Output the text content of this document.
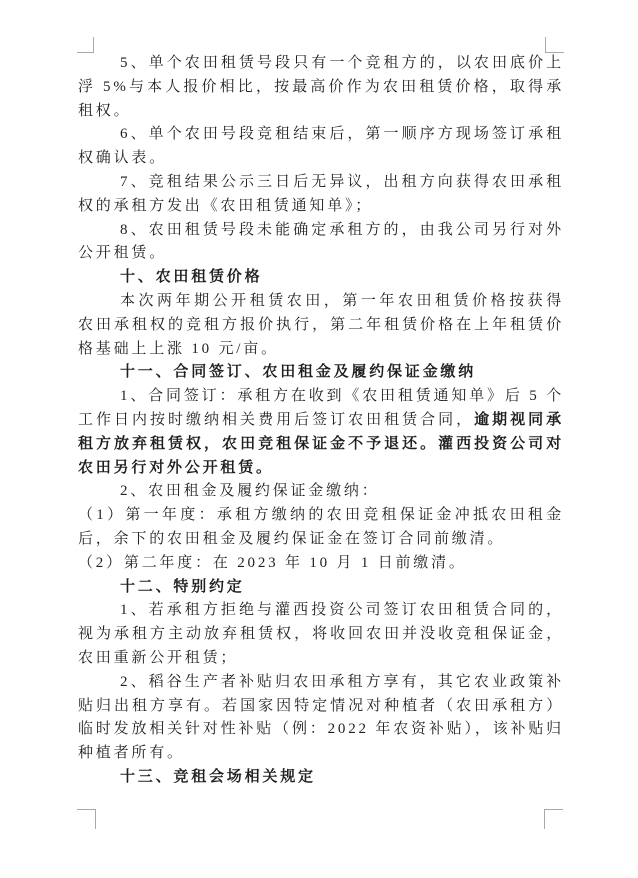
5、单个农田租赁号段只有一个竞租方的，以农田底价上浮 5%与本人报价相比，按最高价作为农田租赁价格，取得承租权。

6、单个农田号段竞租结束后，第一顺序方现场签订承租权确认表。

7、竞租结果公示三日后无异议，出租方向获得农田承租权的承租方发出《农田租赁通知单》；

8、农田租赁号段未能确定承租方的，由我公司另行对外公开租赁。

十、农田租赁价格

本次两年期公开租赁农田，第一年农田租赁价格按获得农田承租权的竞租方报价执行，第二年租赁价格在上年租赁价格基础上上涨 10 元/亩。

十一、合同签订、农田租金及履约保证金缴纳

1、合同签订：承租方在收到《农田租赁通知单》后 5 个工作日内按时缴纳相关费用后签订农田租赁合同，逾期视同承租方放弃租赁权，农田竞租保证金不予退还。灌西投资公司对农田另行对外公开租赁。

2、农田租金及履约保证金缴纳：

（1）第一年度：承租方缴纳的农田竞租保证金冲抵农田租金后，余下的农田租金及履约保证金在签订合同前缴清。

（2）第二年度：在 2023 年 10 月 1 日前缴清。

十二、特别约定

1、若承租方拒绝与灌西投资公司签订农田租赁合同的，视为承租方主动放弃租赁权，将收回农田并没收竞租保证金，农田重新公开租赁；

2、稻谷生产者补贴归农田承租方享有，其它农业政策补贴归出租方享有。若国家因特定情况对种植者（农田承租方）临时发放相关针对性补贴（例：2022 年农资补贴），该补贴归种植者所有。

十三、竞租会场相关规定
